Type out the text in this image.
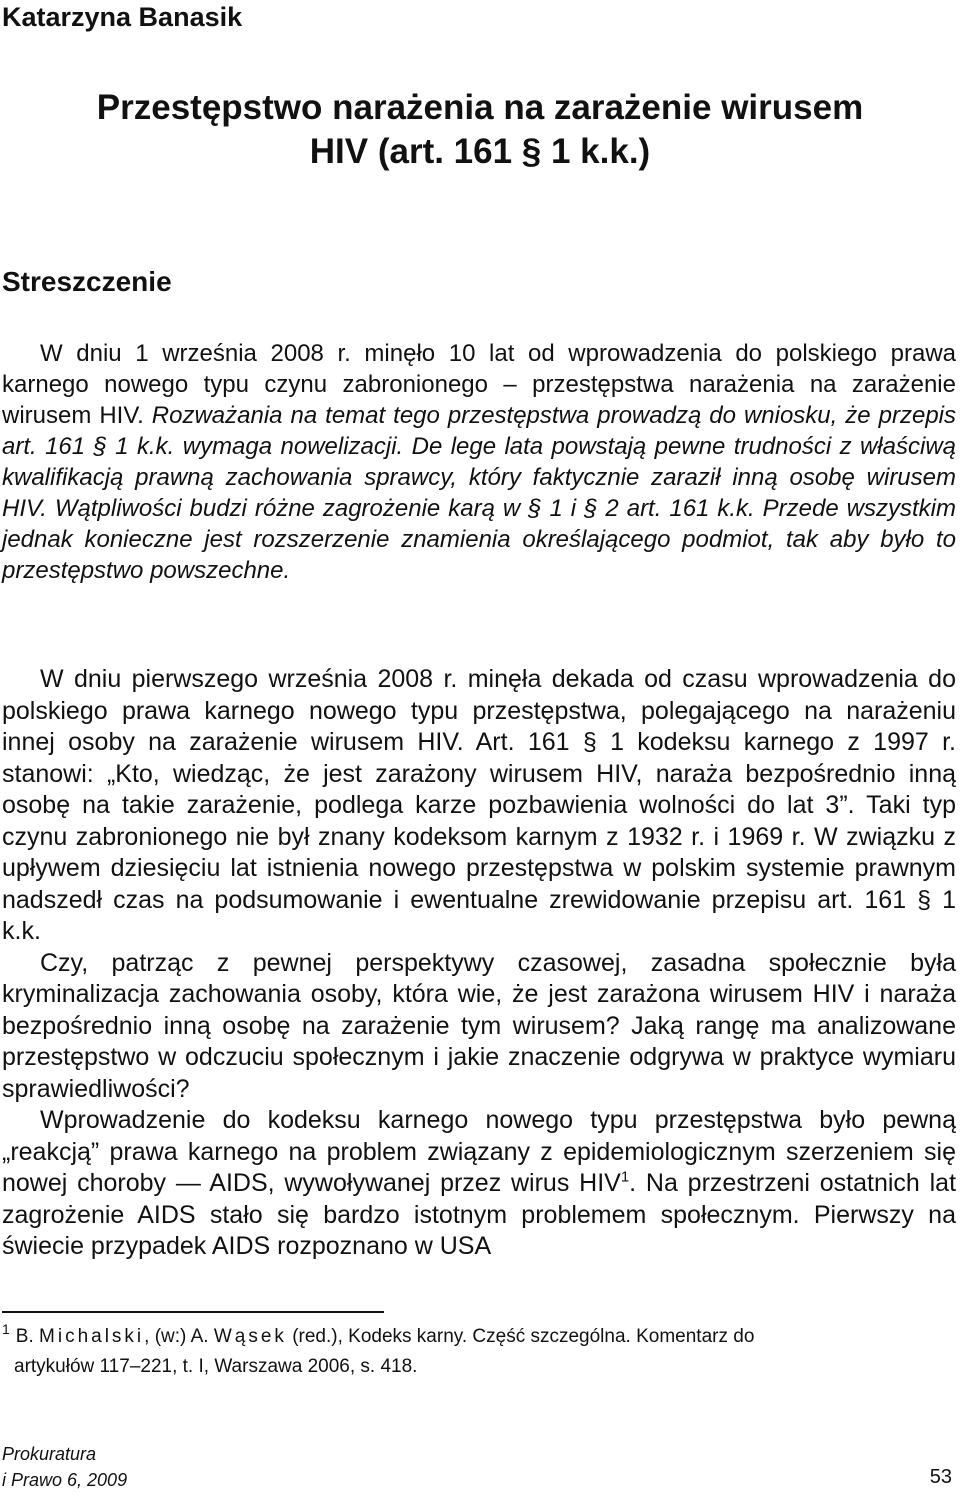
Katarzyna Banasik
Przestępstwo narażenia na zarażenie wirusem
HIV (art. 161 § 1 k.k.)
Streszczenie

W dniu 1 września 2008 r. minęło 10 lat od wprowadzenia do polskiego prawa karnego nowego typu czynu zabronionego – przestępstwa narażenia na zarażenie wirusem HIV. Rozważania na temat tego przestępstwa prowadzą do wniosku, że przepis art. 161 § 1 k.k. wymaga nowelizacji. De lege lata powstają pewne trudności z właściwą kwalifikacją prawną zachowania sprawcy, który faktycznie zaraził inną osobę wirusem HIV. Wątpliwości budzi różne zagrożenie karą w § 1 i § 2 art. 161 k.k. Przede wszystkim jednak konieczne jest rozszerzenie znamienia określającego podmiot, tak aby było to przestępstwo powszechne.

W dniu pierwszego września 2008 r. minęła dekada od czasu wprowadzenia do polskiego prawa karnego nowego typu przestępstwa, polegającego na narażeniu innej osoby na zarażenie wirusem HIV. Art. 161 § 1 kodeksu karnego z 1997 r. stanowi: „Kto, wiedząc, że jest zarażony wirusem HIV, naraża bezpośrednio inną osobę na takie zarażenie, podlega karze pozbawienia wolności do lat 3”. Taki typ czynu zabronionego nie był znany kodeksom karnym z 1932 r. i 1969 r. W związku z upływem dziesięciu lat istnienia nowego przestępstwa w polskim systemie prawnym nadszedł czas na podsumowanie i ewentualne zrewidowanie przepisu art. 161 § 1 k.k.

Czy, patrząc z pewnej perspektywy czasowej, zasadna społecznie była kryminalizacja zachowania osoby, która wie, że jest zarażona wirusem HIV i naraża bezpośrednio inną osobę na zarażenie tym wirusem? Jaką rangę ma analizowane przestępstwo w odczuciu społecznym i jakie znaczenie odgrywa w praktyce wymiaru sprawiedliwości?

Wprowadzenie do kodeksu karnego nowego typu przestępstwa było pewną „reakcją” prawa karnego na problem związany z epidemiologicznym szerzeniem się nowej choroby — AIDS, wywoływanej przez wirus HIV$^1$. Na przestrzeni ostatnich lat zagrożenie AIDS stało się bardzo istotnym problemem społecznym. Pierwszy na świecie przypadek AIDS rozpoznano w USA

$^1$ B. Michalski, (w:) A. Wąsek (red.), Kodeks karny. Część szczególna. Komentarz do
artykułów 117–221, t. I, Warszawa 2006, s. 418.
Prokuratura
i Prawo 6, 2009	53
